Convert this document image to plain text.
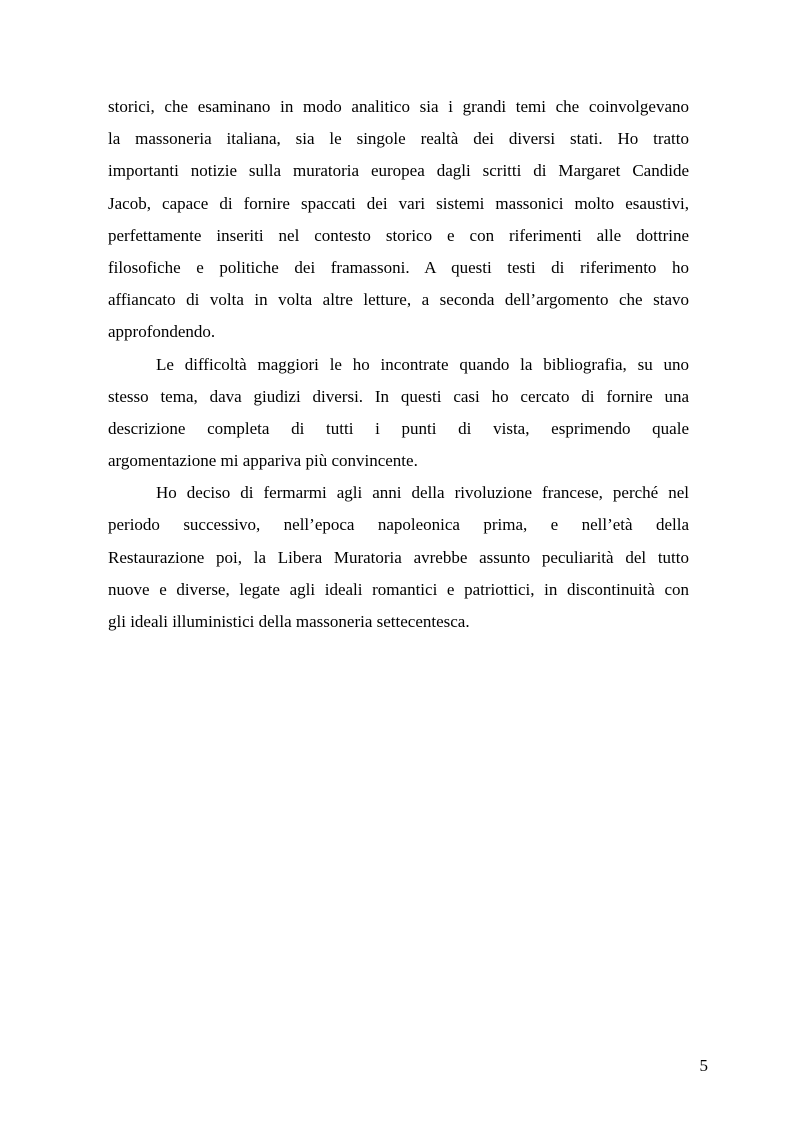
storici, che esaminano in modo analitico sia i grandi temi che coinvolgevano
la massoneria italiana, sia le singole realtà dei diversi stati. Ho tratto
importanti notizie sulla muratoria europea dagli scritti di Margaret Candide
Jacob, capace di fornire spaccati dei vari sistemi massonici molto esaustivi,
perfettamente inseriti nel contesto storico e con riferimenti alle dottrine
filosofiche e politiche dei framassoni. A questi testi di riferimento ho
affiancato di volta in volta altre letture, a seconda dell’argomento che stavo
approfondendo.
Le difficoltà maggiori le ho incontrate quando la bibliografia, su uno
stesso tema, dava giudizi diversi. In questi casi ho cercato di fornire una
descrizione completa di tutti i punti di vista, esprimendo quale
argomentazione mi appariva più convincente.
Ho deciso di fermarmi agli anni della rivoluzione francese, perché nel
periodo successivo, nell’epoca napoleonica prima, e nell’età della
Restaurazione poi, la Libera Muratoria avrebbe assunto peculiarità del tutto
nuove e diverse, legate agli ideali romantici e patriottici, in discontinuità con
gli ideali illuministici della massoneria settecentesca.
5
